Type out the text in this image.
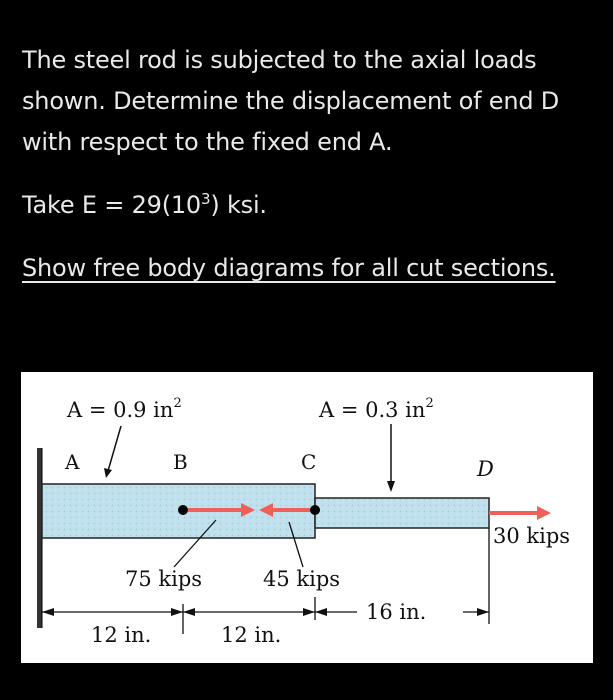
The steel rod is subjected to the axial loads
shown. Determine the displacement of end D
with respect to the fixed end A.
Take $E = 29(10^3)$ ksi.
Show free body diagrams for all cut sections.
A = 0.9 $in^2$	A = 0.3 $in^2$
A	B	C	D
75 kips	45 kips
30 kips
16 in.
12 in.	12 in.
